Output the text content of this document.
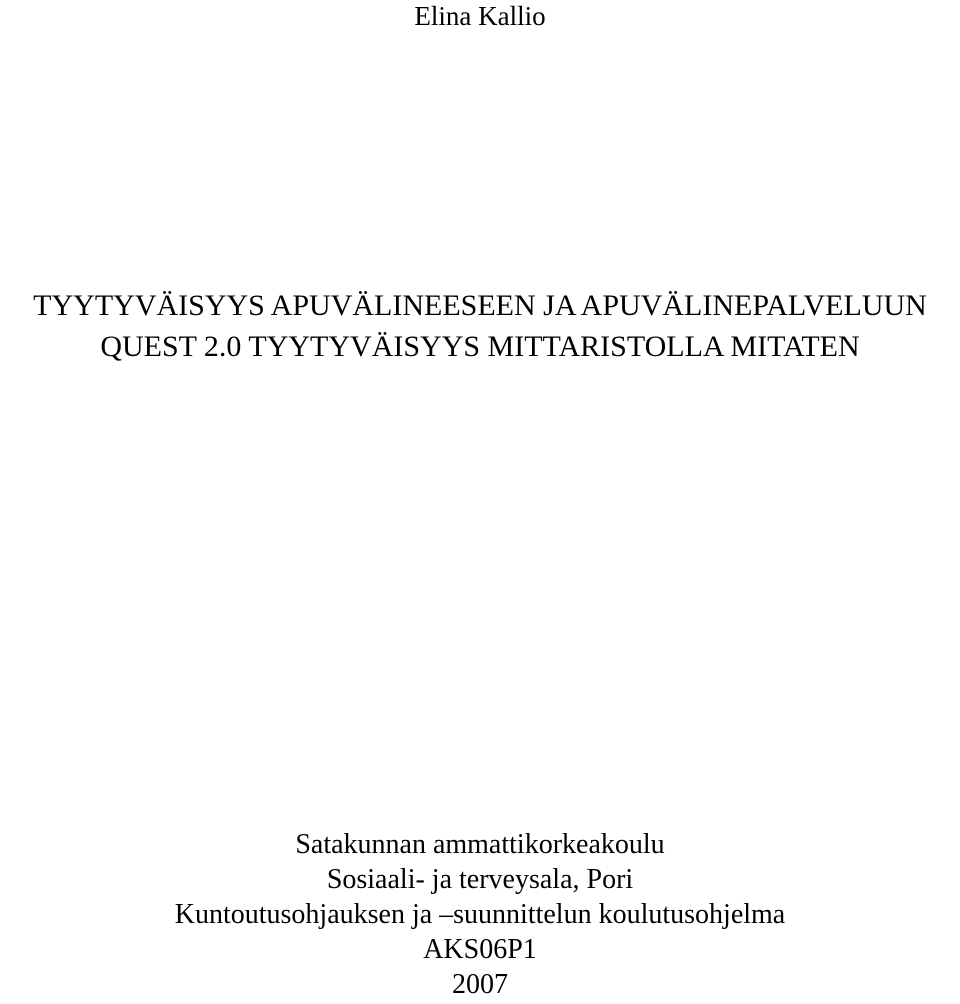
Elina Kallio
TYYTYVÄISYYS APUVÄLINEESEEN JA APUVÄLINEPALVELUUN
QUEST 2.0 TYYTYVÄISYYS MITTARISTOLLA MITATEN
Satakunnan ammattikorkeakoulu
Sosiaali- ja terveysala, Pori
Kuntoutusohjauksen ja –suunnittelun koulutusohjelma
AKS06P1
2007
